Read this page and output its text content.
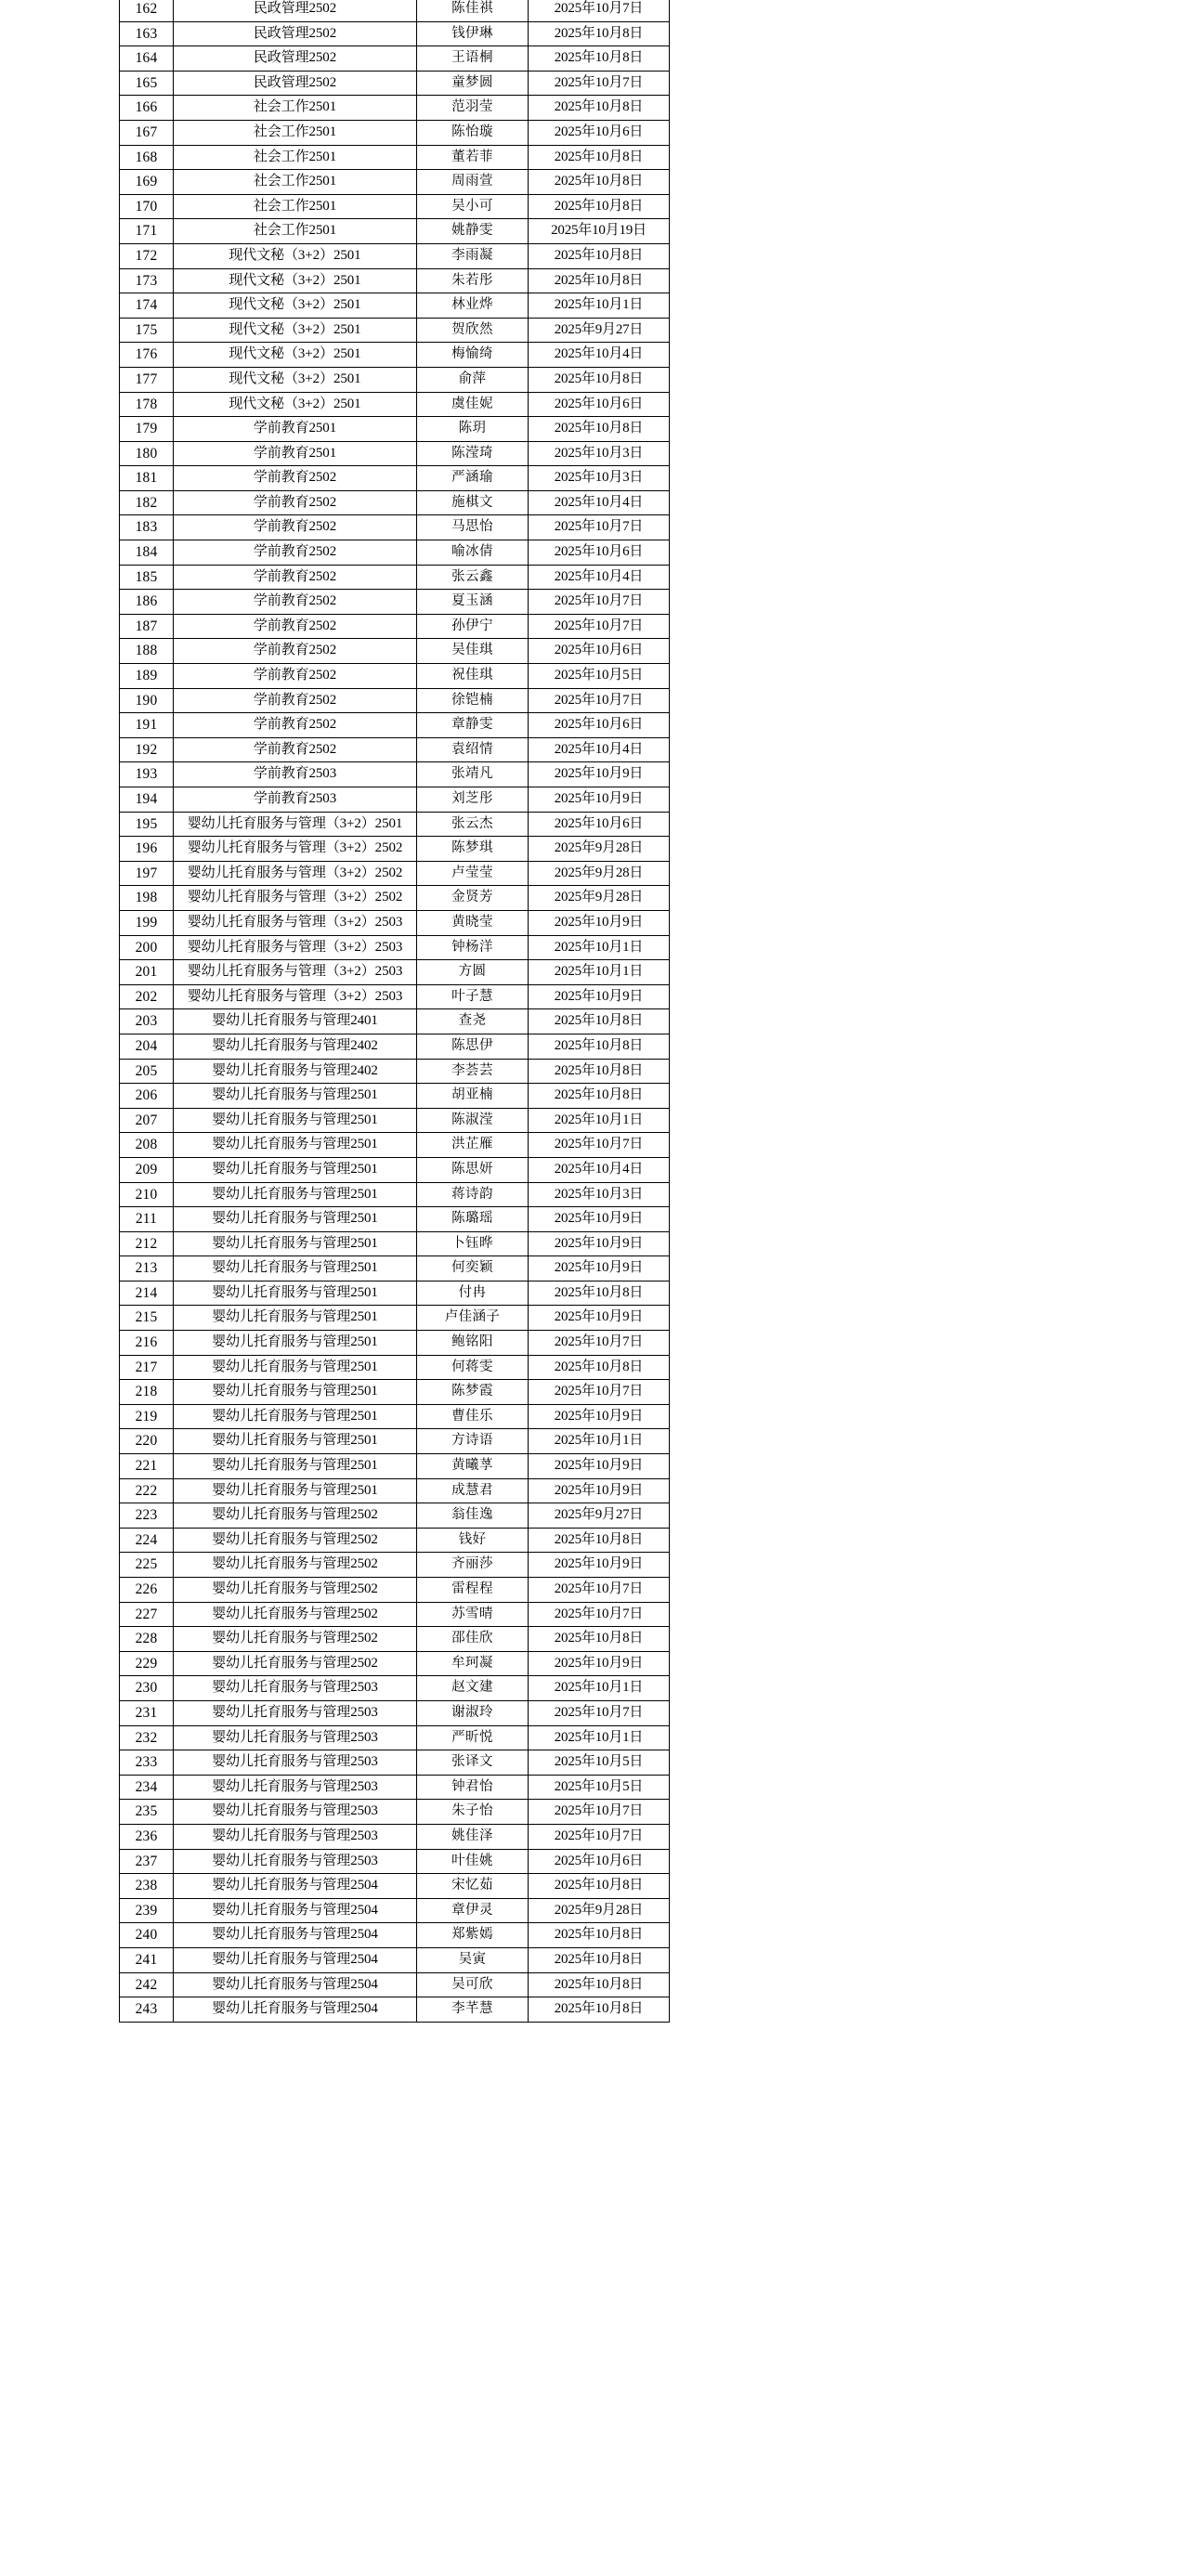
162	民政管理2502	陈佳祺	2025年10月7日
163	民政管理2502	钱伊琳	2025年10月8日
164	民政管理2502	王语桐	2025年10月8日
165	民政管理2502	童梦圆	2025年10月7日
166	社会工作2501	范羽莹	2025年10月8日
167	社会工作2501	陈怡璇	2025年10月6日
168	社会工作2501	董若菲	2025年10月8日
169	社会工作2501	周雨萱	2025年10月8日
170	社会工作2501	吴小可	2025年10月8日
171	社会工作2501	姚静雯	2025年10月19日
172	现代文秘（3+2）2501	李雨凝	2025年10月8日
173	现代文秘（3+2）2501	朱若彤	2025年10月8日
174	现代文秘（3+2）2501	林业烨	2025年10月1日
175	现代文秘（3+2）2501	贺欣然	2025年9月27日
176	现代文秘（3+2）2501	梅愉绮	2025年10月4日
177	现代文秘（3+2）2501	俞萍	2025年10月8日
178	现代文秘（3+2）2501	虞佳妮	2025年10月6日
179	学前教育2501	陈玥	2025年10月8日
180	学前教育2501	陈滢琦	2025年10月3日
181	学前教育2502	严涵瑜	2025年10月3日
182	学前教育2502	施棋文	2025年10月4日
183	学前教育2502	马思怡	2025年10月7日
184	学前教育2502	喻冰倩	2025年10月6日
185	学前教育2502	张云鑫	2025年10月4日
186	学前教育2502	夏玉涵	2025年10月7日
187	学前教育2502	孙伊宁	2025年10月7日
188	学前教育2502	吴佳琪	2025年10月6日
189	学前教育2502	祝佳琪	2025年10月5日
190	学前教育2502	徐铠楠	2025年10月7日
191	学前教育2502	章静雯	2025年10月6日
192	学前教育2502	袁绍情	2025年10月4日
193	学前教育2503	张靖凡	2025年10月9日
194	学前教育2503	刘芝彤	2025年10月9日
195	婴幼儿托育服务与管理（3+2）2501	张云杰	2025年10月6日
196	婴幼儿托育服务与管理（3+2）2502	陈梦琪	2025年9月28日
197	婴幼儿托育服务与管理（3+2）2502	卢莹莹	2025年9月28日
198	婴幼儿托育服务与管理（3+2）2502	金贤芳	2025年9月28日
199	婴幼儿托育服务与管理（3+2）2503	黄晓莹	2025年10月9日
200	婴幼儿托育服务与管理（3+2）2503	钟杨洋	2025年10月1日
201	婴幼儿托育服务与管理（3+2）2503	方圆	2025年10月1日
202	婴幼儿托育服务与管理（3+2）2503	叶子慧	2025年10月9日
203	婴幼儿托育服务与管理2401	查尧	2025年10月8日
204	婴幼儿托育服务与管理2402	陈思伊	2025年10月8日
205	婴幼儿托育服务与管理2402	李荟芸	2025年10月8日
206	婴幼儿托育服务与管理2501	胡亚楠	2025年10月8日
207	婴幼儿托育服务与管理2501	陈淑滢	2025年10月1日
208	婴幼儿托育服务与管理2501	洪芷雁	2025年10月7日
209	婴幼儿托育服务与管理2501	陈思妍	2025年10月4日
210	婴幼儿托育服务与管理2501	蒋诗韵	2025年10月3日
211	婴幼儿托育服务与管理2501	陈璐瑶	2025年10月9日
212	婴幼儿托育服务与管理2501	卜钰晔	2025年10月9日
213	婴幼儿托育服务与管理2501	何奕颖	2025年10月9日
214	婴幼儿托育服务与管理2501	付冉	2025年10月8日
215	婴幼儿托育服务与管理2501	卢佳涵子	2025年10月9日
216	婴幼儿托育服务与管理2501	鲍铭阳	2025年10月7日
217	婴幼儿托育服务与管理2501	何蒋雯	2025年10月8日
218	婴幼儿托育服务与管理2501	陈梦霞	2025年10月7日
219	婴幼儿托育服务与管理2501	曹佳乐	2025年10月9日
220	婴幼儿托育服务与管理2501	方诗语	2025年10月1日
221	婴幼儿托育服务与管理2501	黄曦莩	2025年10月9日
222	婴幼儿托育服务与管理2501	成慧君	2025年10月9日
223	婴幼儿托育服务与管理2502	翁佳逸	2025年9月27日
224	婴幼儿托育服务与管理2502	钱好	2025年10月8日
225	婴幼儿托育服务与管理2502	齐丽莎	2025年10月9日
226	婴幼儿托育服务与管理2502	雷程程	2025年10月7日
227	婴幼儿托育服务与管理2502	苏雪晴	2025年10月7日
228	婴幼儿托育服务与管理2502	邵佳欣	2025年10月8日
229	婴幼儿托育服务与管理2502	牟珂凝	2025年10月9日
230	婴幼儿托育服务与管理2503	赵文建	2025年10月1日
231	婴幼儿托育服务与管理2503	谢淑玲	2025年10月7日
232	婴幼儿托育服务与管理2503	严昕悦	2025年10月1日
233	婴幼儿托育服务与管理2503	张译文	2025年10月5日
234	婴幼儿托育服务与管理2503	钟君怡	2025年10月5日
235	婴幼儿托育服务与管理2503	朱子怡	2025年10月7日
236	婴幼儿托育服务与管理2503	姚佳泽	2025年10月7日
237	婴幼儿托育服务与管理2503	叶佳姚	2025年10月6日
238	婴幼儿托育服务与管理2504	宋忆茹	2025年10月8日
239	婴幼儿托育服务与管理2504	章伊灵	2025年9月28日
240	婴幼儿托育服务与管理2504	郑紫嫣	2025年10月8日
241	婴幼儿托育服务与管理2504	吴寅	2025年10月8日
242	婴幼儿托育服务与管理2504	吴可欣	2025年10月8日
243	婴幼儿托育服务与管理2504	李芊慧	2025年10月8日
